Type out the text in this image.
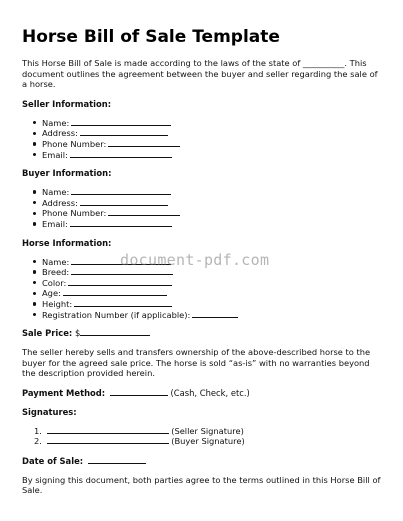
Horse Bill of Sale Template

This Horse Bill of Sale is made according to the laws of the state of __________. This document outlines the agreement between the buyer and seller regarding the sale of a horse.

Seller Information:
Name:
Address:
Phone Number:
Email:
Buyer Information:
Name:
Address:
Phone Number:
Email:
Horse Information:
Name:
Breed:
Color:
Age:
Height:
Registration Number (if applicable):
Sale Price: $

The seller hereby sells and transfers ownership of the above-described horse to the buyer for the agreed sale price. The horse is sold “as-is” with no warranties beyond the description provided herein.

Payment Method:	(Cash, Check, etc.)
Signatures:
1.	(Seller Signature)
2.	(Buyer Signature)
Date of Sale:

By signing this document, both parties agree to the terms outlined in this Horse Bill of Sale.

document-pdf.com
